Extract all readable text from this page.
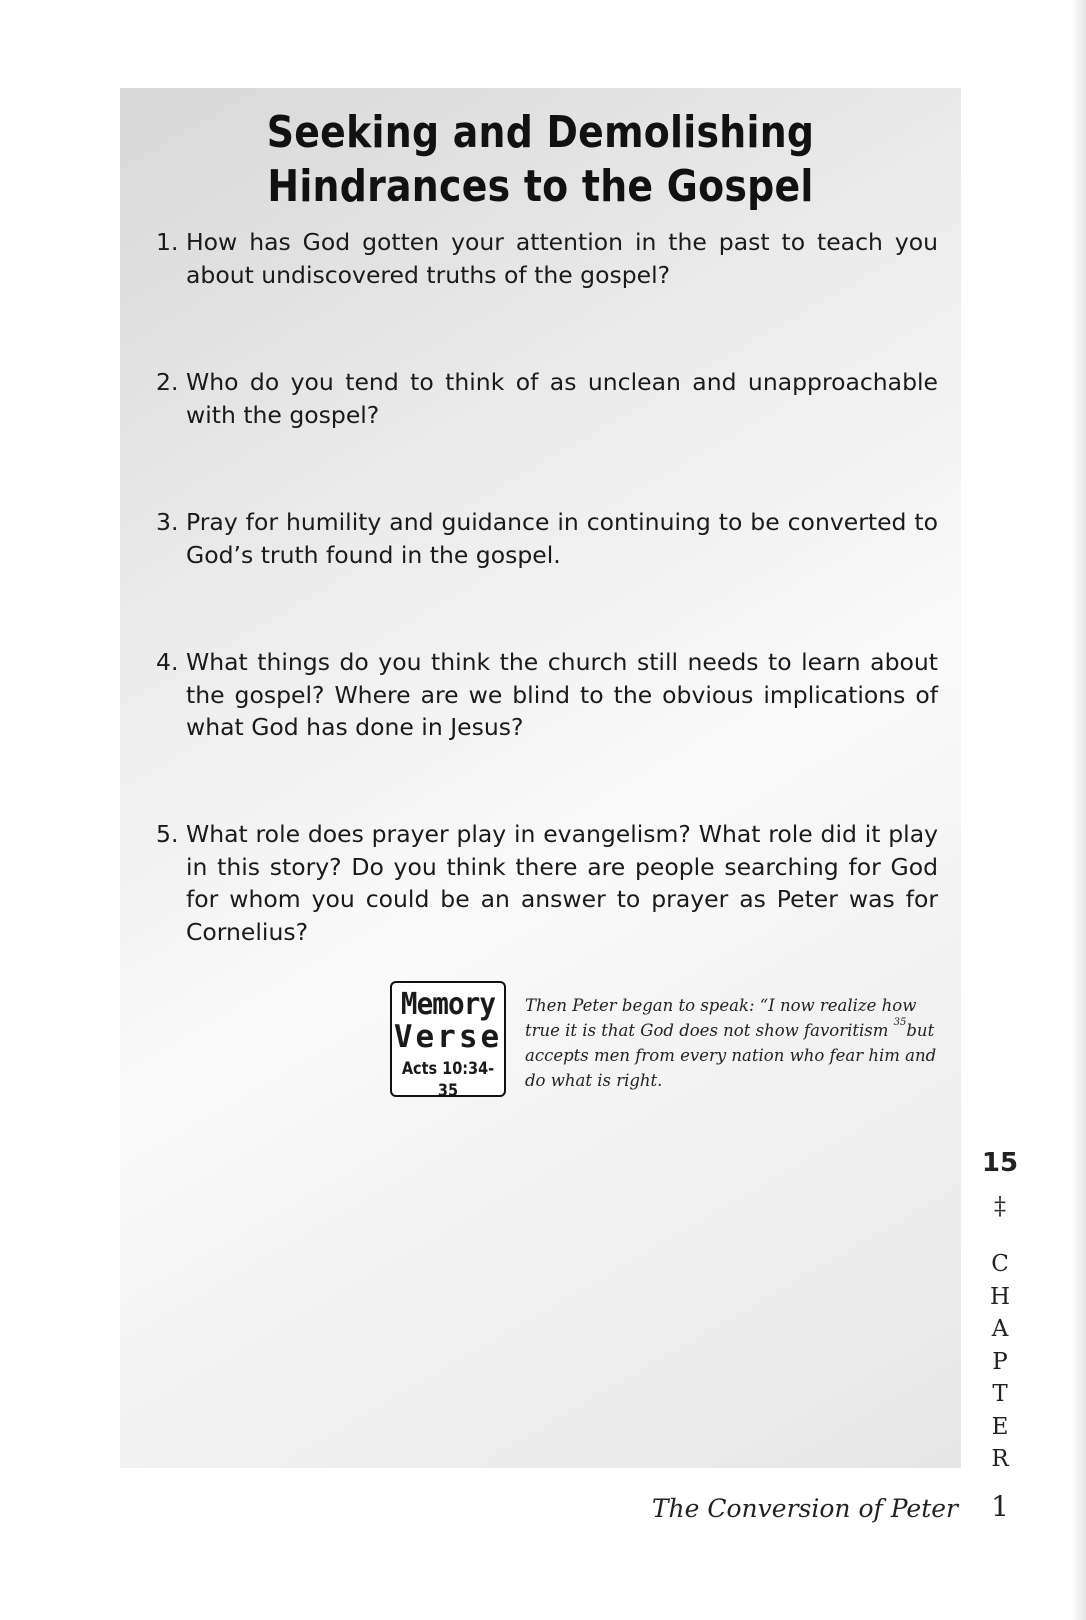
Seeking and Demolishing
Hindrances to the Gospel
1. How has God gotten your attention in the past to teach you about undiscovered truths of the gospel?
2. Who do you tend to think of as unclean and unapproachable with the gospel?
3. Pray for humility and guidance in continuing to be converted to God’s truth found in the gospel.
4. What things do you think the church still needs to learn about the gospel? Where are we blind to the obvious implications of what God has done in Jesus?
5. What role does prayer play in evangelism? What role did it play in this story? Do you think there are people searching for God for whom you could be an answer to prayer as Peter was for Cornelius?
Memory
Verse
Acts 10:34-35
Then Peter began to speak: “I now realize how true it is that God does not show favoritism $^{35}$but accepts men from every nation who fear him and do what is right.
15
‡
C
H
A
P
T
E
R
The Conversion of Peter	1
